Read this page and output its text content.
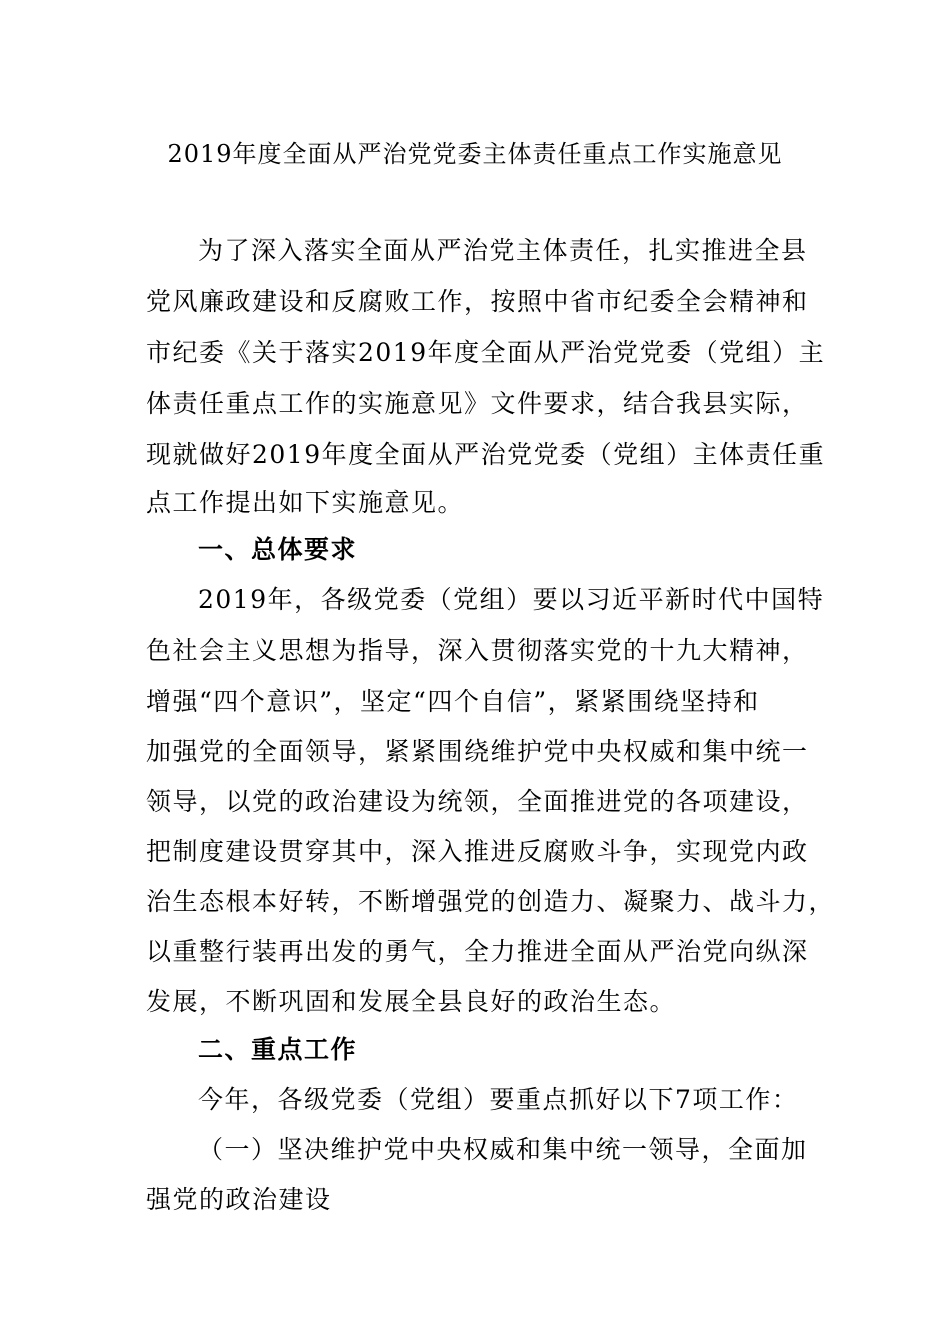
2019年度全面从严治党党委主体责任重点工作实施意见

为了深入落实全面从严治党主体责任，扎实推进全县

党风廉政建设和反腐败工作，按照中省市纪委全会精神和

市纪委《关于落实2019年度全面从严治党党委（党组）主

体责任重点工作的实施意见》文件要求，结合我县实际，

现就做好2019年度全面从严治党党委（党组）主体责任重

点工作提出如下实施意见。

一、总体要求

2019年，各级党委（党组）要以习近平新时代中国特

色社会主义思想为指导，深入贯彻落实党的十九大精神，

增强“四个意识”，坚定“四个自信”，紧紧围绕坚持和

加强党的全面领导，紧紧围绕维护党中央权威和集中统一

领导，以党的政治建设为统领，全面推进党的各项建设，

把制度建设贯穿其中，深入推进反腐败斗争，实现党内政

治生态根本好转，不断增强党的创造力、凝聚力、战斗力，

以重整行装再出发的勇气，全力推进全面从严治党向纵深

发展，不断巩固和发展全县良好的政治生态。

二、重点工作

今年，各级党委（党组）要重点抓好以下7项工作：

（一）坚决维护党中央权威和集中统一领导，全面加

强党的政治建设
